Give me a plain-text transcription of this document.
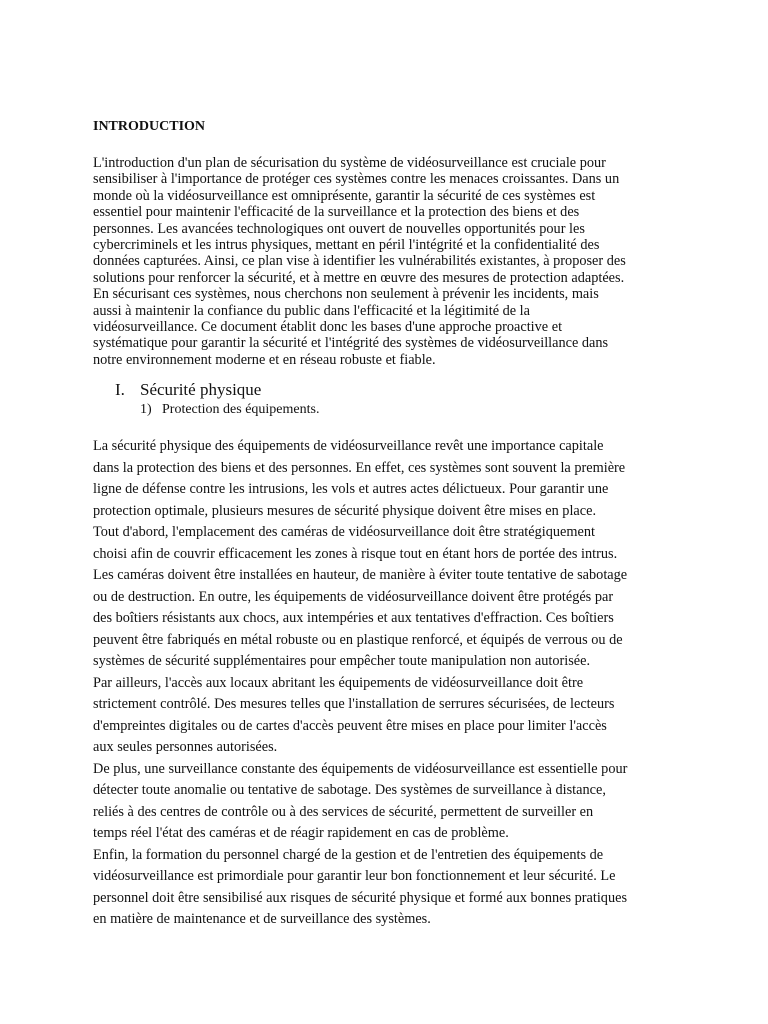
INTRODUCTION

L'introduction d'un plan de sécurisation du système de vidéosurveillance est cruciale pour
sensibiliser à l'importance de protéger ces systèmes contre les menaces croissantes. Dans un
monde où la vidéosurveillance est omniprésente, garantir la sécurité de ces systèmes est
essentiel pour maintenir l'efficacité de la surveillance et la protection des biens et des
personnes. Les avancées technologiques ont ouvert de nouvelles opportunités pour les
cybercriminels et les intrus physiques, mettant en péril l'intégrité et la confidentialité des
données capturées. Ainsi, ce plan vise à identifier les vulnérabilités existantes, à proposer des
solutions pour renforcer la sécurité, et à mettre en œuvre des mesures de protection adaptées.
En sécurisant ces systèmes, nous cherchons non seulement à prévenir les incidents, mais
aussi à maintenir la confiance du public dans l'efficacité et la légitimité de la
vidéosurveillance. Ce document établit donc les bases d'une approche proactive et
systématique pour garantir la sécurité et l'intégrité des systèmes de vidéosurveillance dans
notre environnement moderne et en réseau robuste et fiable.
I. Sécurité physique
1) Protection des équipements.
La sécurité physique des équipements de vidéosurveillance revêt une importance capitale
dans la protection des biens et des personnes. En effet, ces systèmes sont souvent la première
ligne de défense contre les intrusions, les vols et autres actes délictueux. Pour garantir une
protection optimale, plusieurs mesures de sécurité physique doivent être mises en place.
Tout d'abord, l'emplacement des caméras de vidéosurveillance doit être stratégiquement
choisi afin de couvrir efficacement les zones à risque tout en étant hors de portée des intrus.
Les caméras doivent être installées en hauteur, de manière à éviter toute tentative de sabotage
ou de destruction. En outre, les équipements de vidéosurveillance doivent être protégés par
des boîtiers résistants aux chocs, aux intempéries et aux tentatives d'effraction. Ces boîtiers
peuvent être fabriqués en métal robuste ou en plastique renforcé, et équipés de verrous ou de
systèmes de sécurité supplémentaires pour empêcher toute manipulation non autorisée.
Par ailleurs, l'accès aux locaux abritant les équipements de vidéosurveillance doit être
strictement contrôlé. Des mesures telles que l'installation de serrures sécurisées, de lecteurs
d'empreintes digitales ou de cartes d'accès peuvent être mises en place pour limiter l'accès
aux seules personnes autorisées.
De plus, une surveillance constante des équipements de vidéosurveillance est essentielle pour
détecter toute anomalie ou tentative de sabotage. Des systèmes de surveillance à distance,
reliés à des centres de contrôle ou à des services de sécurité, permettent de surveiller en
temps réel l'état des caméras et de réagir rapidement en cas de problème.
Enfin, la formation du personnel chargé de la gestion et de l'entretien des équipements de
vidéosurveillance est primordiale pour garantir leur bon fonctionnement et leur sécurité. Le
personnel doit être sensibilisé aux risques de sécurité physique et formé aux bonnes pratiques
en matière de maintenance et de surveillance des systèmes.
